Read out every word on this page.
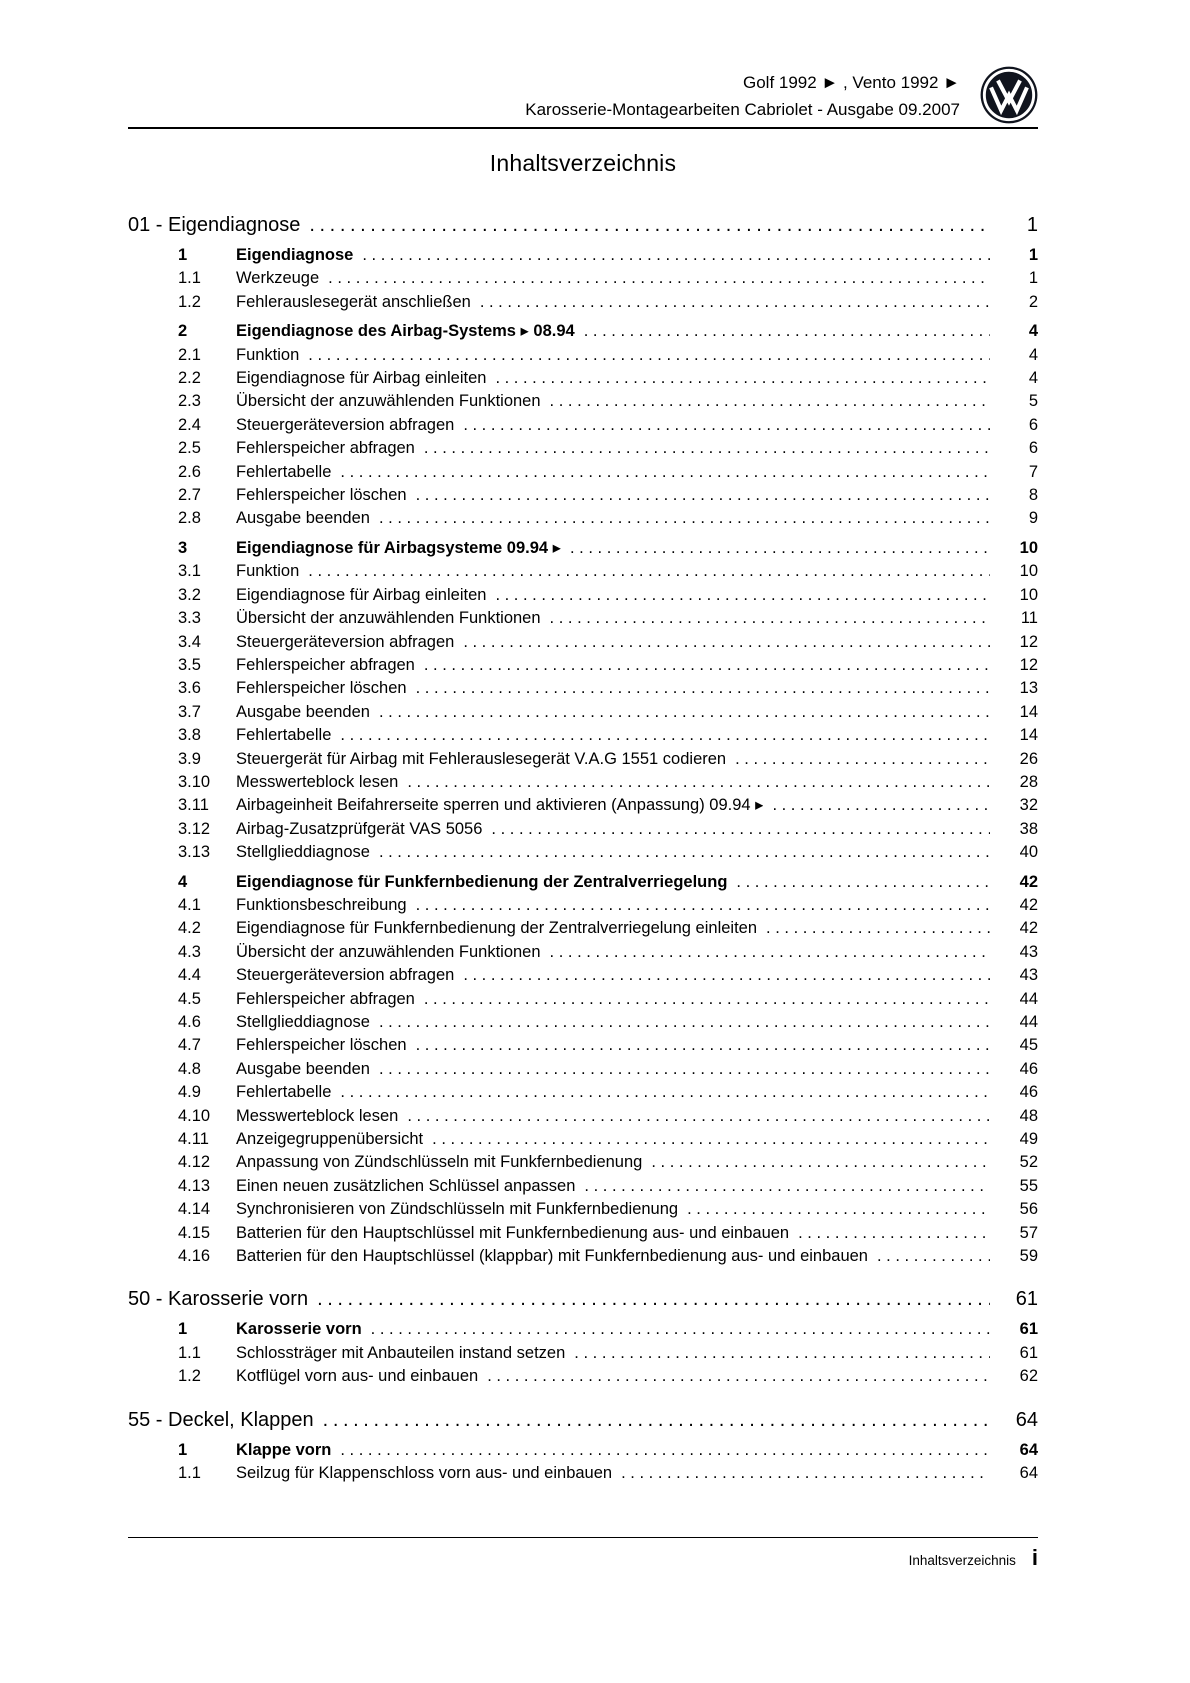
Golf 1992 ► , Vento 1992 ►
Karosserie-Montagearbeiten Cabriolet - Ausgabe 09.2007
Inhaltsverzeichnis
01 - Eigendiagnose .....	1
1	Eigendiagnose .....	1
1.1	Werkzeuge .....	1
1.2	Fehlerauslesegerät anschließen .....	2
2	Eigendiagnose des Airbag-Systems ▸ 08.94 .....	4
2.1	Funktion .....	4
2.2	Eigendiagnose für Airbag einleiten .....	4
2.3	Übersicht der anzuwählenden Funktionen .....	5
2.4	Steuergeräteversion abfragen .....	6
2.5	Fehlerspeicher abfragen .....	6
2.6	Fehlertabelle .....	7
2.7	Fehlerspeicher löschen .....	8
2.8	Ausgabe beenden .....	9
3	Eigendiagnose für Airbagsysteme 09.94 ▸ .....	10
3.1	Funktion .....	10
3.2	Eigendiagnose für Airbag einleiten .....	10
3.3	Übersicht der anzuwählenden Funktionen .....	11
3.4	Steuergeräteversion abfragen .....	12
3.5	Fehlerspeicher abfragen .....	12
3.6	Fehlerspeicher löschen .....	13
3.7	Ausgabe beenden .....	14
3.8	Fehlertabelle .....	14
3.9	Steuergerät für Airbag mit Fehlerauslesegerät V.A.G 1551 codieren .....	26
3.10	Messwerteblock lesen .....	28
3.11	Airbageinheit Beifahrerseite sperren und aktivieren (Anpassung) 09.94 ▸ .....	32
3.12	Airbag-Zusatzprüfgerät VAS 5056 .....	38
3.13	Stellglieddiagnose .....	40
4	Eigendiagnose für Funkfernbedienung der Zentralverriegelung .....	42
4.1	Funktionsbeschreibung .....	42
4.2	Eigendiagnose für Funkfernbedienung der Zentralverriegelung einleiten .....	42
4.3	Übersicht der anzuwählenden Funktionen .....	43
4.4	Steuergeräteversion abfragen .....	43
4.5	Fehlerspeicher abfragen .....	44
4.6	Stellglieddiagnose .....	44
4.7	Fehlerspeicher löschen .....	45
4.8	Ausgabe beenden .....	46
4.9	Fehlertabelle .....	46
4.10	Messwerteblock lesen .....	48
4.11	Anzeigegruppenübersicht .....	49
4.12	Anpassung von Zündschlüsseln mit Funkfernbedienung .....	52
4.13	Einen neuen zusätzlichen Schlüssel anpassen .....	55
4.14	Synchronisieren von Zündschlüsseln mit Funkfernbedienung .....	56
4.15	Batterien für den Hauptschlüssel mit Funkfernbedienung aus- und einbauen .....	57
4.16	Batterien für den Hauptschlüssel (klappbar) mit Funkfernbedienung aus- und einbauen .....	59
50 - Karosserie vorn .....	61
1	Karosserie vorn .....	61
1.1	Schlossträger mit Anbauteilen instand setzen .....	61
1.2	Kotflügel vorn aus- und einbauen .....	62
55 - Deckel, Klappen .....	64
1	Klappe vorn .....	64
1.1	Seilzug für Klappenschloss vorn aus- und einbauen .....	64
Inhaltsverzeichnis i
